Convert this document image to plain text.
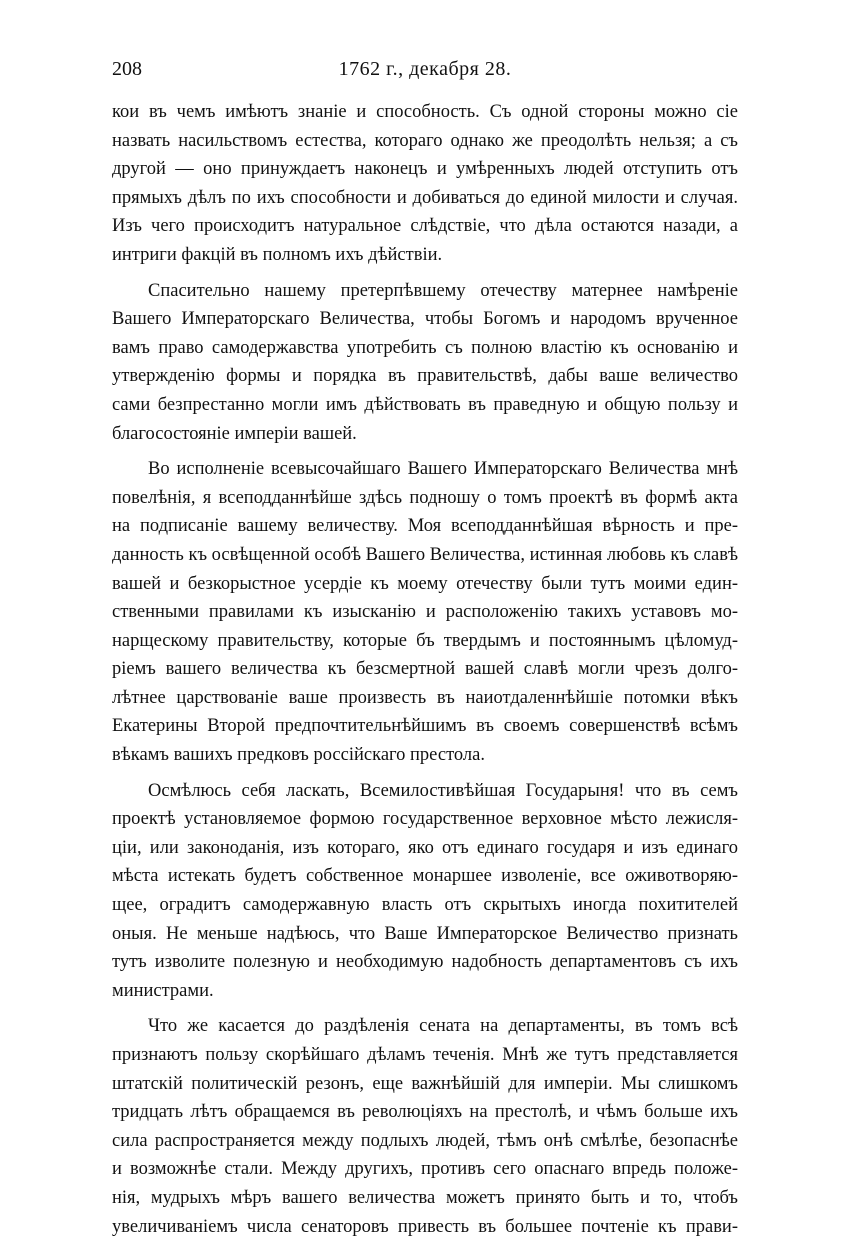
208	1762 г., декабря 28.

кои въ чемъ имѣютъ знаніе и способность. Съ одной стороны можно сіе
назвать насильствомъ естества, котораго однако же преодолѣть нельзя; а съ
другой — оно принуждаетъ наконецъ и умѣренныхъ людей отступить отъ
прямыхъ дѣлъ по ихъ способности и добиваться до единой милости и случая.
Изъ чего происходитъ натуральное слѣдствіе, что дѣла остаются назади, а
интриги факцій въ полномъ ихъ дѣйствіи.

Спасительно нашему претерпѣвшему отечеству матернее намѣреніе
Вашего Императорскаго Величества, чтобы Богомъ и народомъ врученное
вамъ право самодержавства употребить съ полною властію къ основанію и
утвержденію формы и порядка въ правительствѣ, дабы ваше величество
сами безпрестанно могли имъ дѣйствовать въ праведную и общую пользу и
благосостояніе имперіи вашей.

Во исполненіе всевысочайшаго Вашего Императорскаго Величества мнѣ
повелѣнія, я всеподданнѣйше здѣсь подношу о томъ проектѣ въ формѣ акта
на подписаніе вашему величеству. Моя всеподданнѣйшая вѣрность и пре-
данность къ освѣщенной особѣ Вашего Величества, истинная любовь къ славѣ
вашей и безкорыстное усердіе къ моему отечеству были тутъ моими един-
ственными правилами къ изысканію и расположенію такихъ уставовъ мо-
нарщескому правительству, которые бъ твердымъ и постояннымъ цѣломуд-
ріемъ вашего величества къ безсмертной вашей славѣ могли чрезъ долго-
лѣтнее царствованіе ваше произвесть въ наиотдаленнѣйшіе потомки вѣкъ
Екатерины Второй предпочтительнѣйшимъ въ своемъ совершенствѣ всѣмъ
вѣкамъ вашихъ предковъ россійскаго престола.

Осмѣлюсь себя ласкать, Всемилостивѣйшая Государыня! что въ семъ
проектѣ установляемое формою государственное верховное мѣсто лежисля-
ціи, или законоданія, изъ котораго, яко отъ единаго государя и изъ единаго
мѣста истекать будетъ собственное монаршее изволеніе, все оживотворяю-
щее, оградитъ самодержавную власть отъ скрытыхъ иногда похитителей
оныя. Не меньше надѣюсь, что Ваше Императорское Величество признать
тутъ изволите полезную и необходимую надобность департаментовъ съ ихъ
министрами.

Что же касается до раздѣленія сената на департаменты, въ томъ всѣ
признаютъ пользу скорѣйшаго дѣламъ теченія. Мнѣ же тутъ представляется
штатскій политическій резонъ, еще важнѣйшій для имперіи. Мы слишкомъ
тридцать лѣтъ обращаемся въ революціяхъ на престолѣ, и чѣмъ больше ихъ
сила распространяется между подлыхъ людей, тѣмъ онѣ смѣлѣе, безопаснѣе
и возможнѣе стали. Между другихъ, противъ сего опаснаго впредь положе-
нія, мудрыхъ мѣръ вашего величества можетъ принято быть и то, чтобъ
увеличиваніемъ числа сенаторовъ привесть въ большее почтеніе къ прави-
